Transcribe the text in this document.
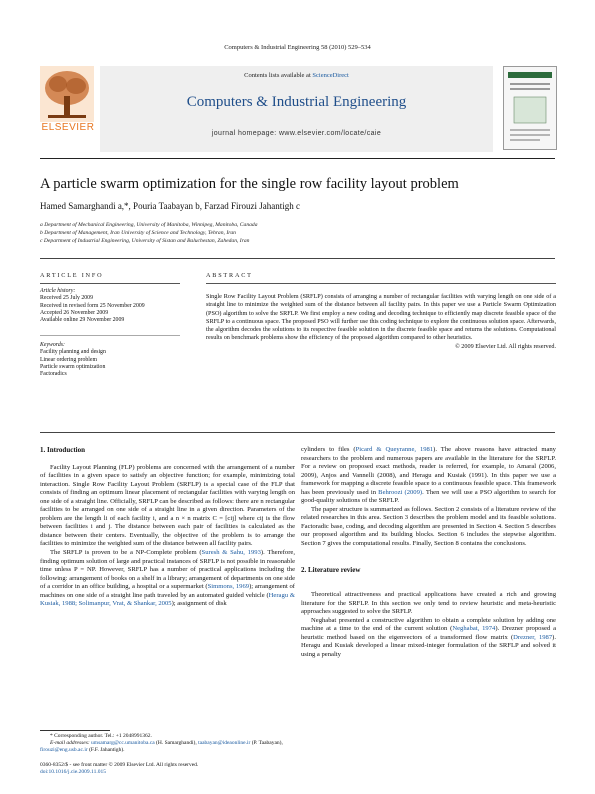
Computers & Industrial Engineering 58 (2010) 529–534
ELSEVIER
Contents lists available at ScienceDirect
Computers & Industrial Engineering
journal homepage: www.elsevier.com/locate/caie
A particle swarm optimization for the single row facility layout problem
Hamed Samarghandi a,*, Pouria Taabayan b, Farzad Firouzi Jahantigh c
a Department of Mechanical Engineering, University of Manitoba, Winnipeg, Manitoba, Canada
b Department of Management, Iran University of Science and Technology, Tehran, Iran
c Department of Industrial Engineering, University of Sistan and Baluchestan, Zahedan, Iran
ARTICLE INFO	ABSTRACT
Article history:
Received 25 July 2009
Received in revised form 25 November 2009
Accepted 26 November 2009
Available online 29 November 2009
Keywords:
Facility planning and design
Linear ordering problem
Particle swarm optimization
Factoradics
Single Row Facility Layout Problem (SRFLP) consists of arranging a number of rectangular facilities with varying length on one side of a straight line to minimize the weighted sum of the distance between all facility pairs. In this paper we use a Particle Swarm Optimization (PSO) algorithm to solve the SRFLP. We first employ a new coding and decoding technique to efficiently map discrete feasible space of the SRFLP to a continuous space. The proposed PSO will further use this coding technique to explore the continuous solution space. Afterwards, the algorithm decodes the solutions to its respective feasible solution in the discrete feasible space and returns the solutions. Computational results on benchmark problems show the efficiency of the proposed algorithm compared to other heuristics.
© 2009 Elsevier Ltd. All rights reserved.

1. Introduction

Facility Layout Planning (FLP) problems are concerned with the arrangement of a number of facilities in a given space to satisfy an objective function; for example, minimizing total interaction. Single Row Facility Layout Problem (SRFLP) is a special case of the FLP that consists of finding an optimum linear placement of rectangular facilities with varying length on one side of a straight line. Officially, SRFLP can be described as follows: there are n rectangular facilities to be arranged on one side of a straight line in a given direction. Parameters of the problem are the length li of each facility i, and a n × n matrix C = [cij] where cij is the flow between facilities i and j. The distance between each pair of facilities is calculated as the distance between their centers. Eventually, the objective of the problem is to arrange the facilities to minimize the weighted sum of the distance between all facility pairs.

The SRFLP is proven to be a NP-Complete problem (Suresh & Sahu, 1993). Therefore, finding optimum solution of large and practical instances of SRFLP is not possible in reasonable time unless P = NP. However, SRFLP has a number of practical applications including the following: arrangement of books on a shelf in a library; arrangement of departments on one side of a corridor in an office building, a hospital or a supermarket (Simmons, 1969); arrangement of machines on one side of a straight line path traveled by an automated guided vehicle (Heragu & Kusiak, 1988; Solimanpur, Vrat, & Shankar, 2005); assignment of disk

* Corresponding author. Tel.: +1 2048991362.
E-mail addresses: umsamarg@cc.umanitoba.ca (H. Samarghandi), taabayan@ideaonline.ir (P. Taabayan), firouzi@eng.usb.ac.ir (F.F. Jahantigh).
0360-8352/$ - see front matter © 2009 Elsevier Ltd. All rights reserved.
doi:10.1016/j.cie.2009.11.015

cylinders to files (Picard & Queyranne, 1981). The above reasons have attracted many researchers to the problem and numerous papers are available in the literature for the SRFLP. For a review on proposed exact methods, reader is referred, for example, to Amaral (2006, 2009), Anjos and Vannelli (2008), and Heragu and Kusiak (1991). In this paper we use a framework for mapping a discrete feasible space to a continuous feasible space. This framework has been previously used in Behroozi (2009). Then we will use a PSO algorithm to search for good-quality solutions of the SRFLP.

The paper structure is summarized as follows. Section 2 consists of a literature review of the related researches in this area. Section 3 describes the problem model and its feasible solutions. Factoradic base, coding, and decoding algorithm are presented in Section 4. Section 5 describes our proposed algorithm and its building blocks. Section 6 includes the stepwise algorithm. Section 7 gives the computational results. Finally, Section 8 contains the conclusions.

2. Literature review

Theoretical attractiveness and practical applications have created a rich and growing literature for the SRFLP. In this section we only tend to review heuristic and meta-heuristic approaches suggested to solve the SRFLP.

Neghabat presented a constructive algorithm to obtain a complete solution by adding one machine at a time to the end of the current solution (Neghabat, 1974). Drezner proposed a heuristic method based on the eigenvectors of a transformed flow matrix (Drezner, 1987). Heragu and Kusiak developed a linear mixed-integer formulation of the SRFLP and solved it using a penalty
